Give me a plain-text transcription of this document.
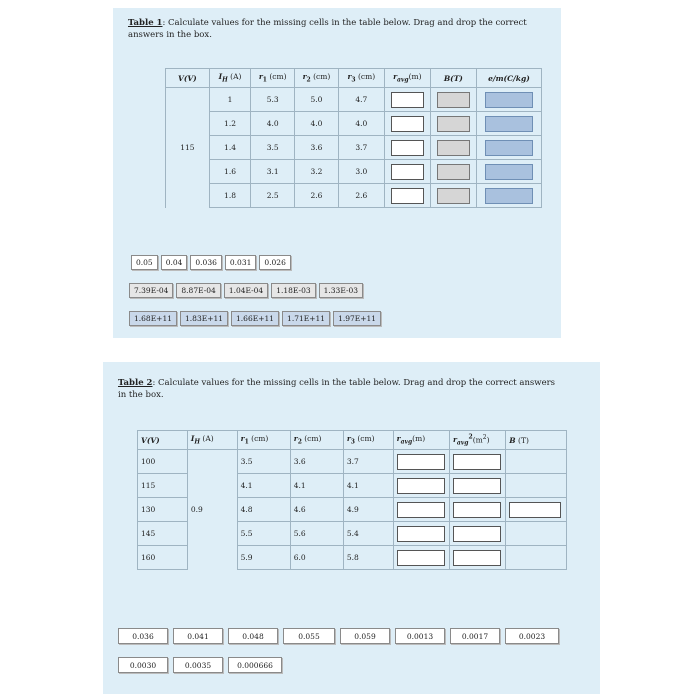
Table 1: Calculate values for the missing cells in the table below. Drag and drop the correct answers in the box.
V(V)	$I_H$ (A)	$r_1$ (cm)	$r_2$ (cm)	$r_3$ (cm)	$r_{avg}(m)$	B(T)	e/m(C/kg)
	1	5.3	5.0	4.7			
	1.2	4.0	4.0	4.0			
115	1.4	3.5	3.6	3.7			
	1.6	3.1	3.2	3.0			
	1.8	2.5	2.6	2.6			
0.05	0.04	0.036	0.031	0.026
7.39E-04	8.87E-04	1.04E-04	1.18E-03	1.33E-03
1.68E+11	1.83E+11	1.66E+11	1.71E+11	1.97E+11
Table 2: Calculate values for the missing cells in the table below. Drag and drop the correct answers in the box.
V(V)	$I_H$ (A)	$r_1$ (cm)	$r_2$ (cm)	$r_3$ (cm)	$r_{avg}(m)$	$r_{avg}^2(m^2)$	B (T)
100		3.5	3.6	3.7			
115		4.1	4.1	4.1			
130	0.9	4.8	4.6	4.9			
145		5.5	5.6	5.4			
160		5.9	6.0	5.8			
0.036	0.041	0.048	0.055	0.059	0.0013	0.0017	0.0023
0.0030	0.0035	0.000666
